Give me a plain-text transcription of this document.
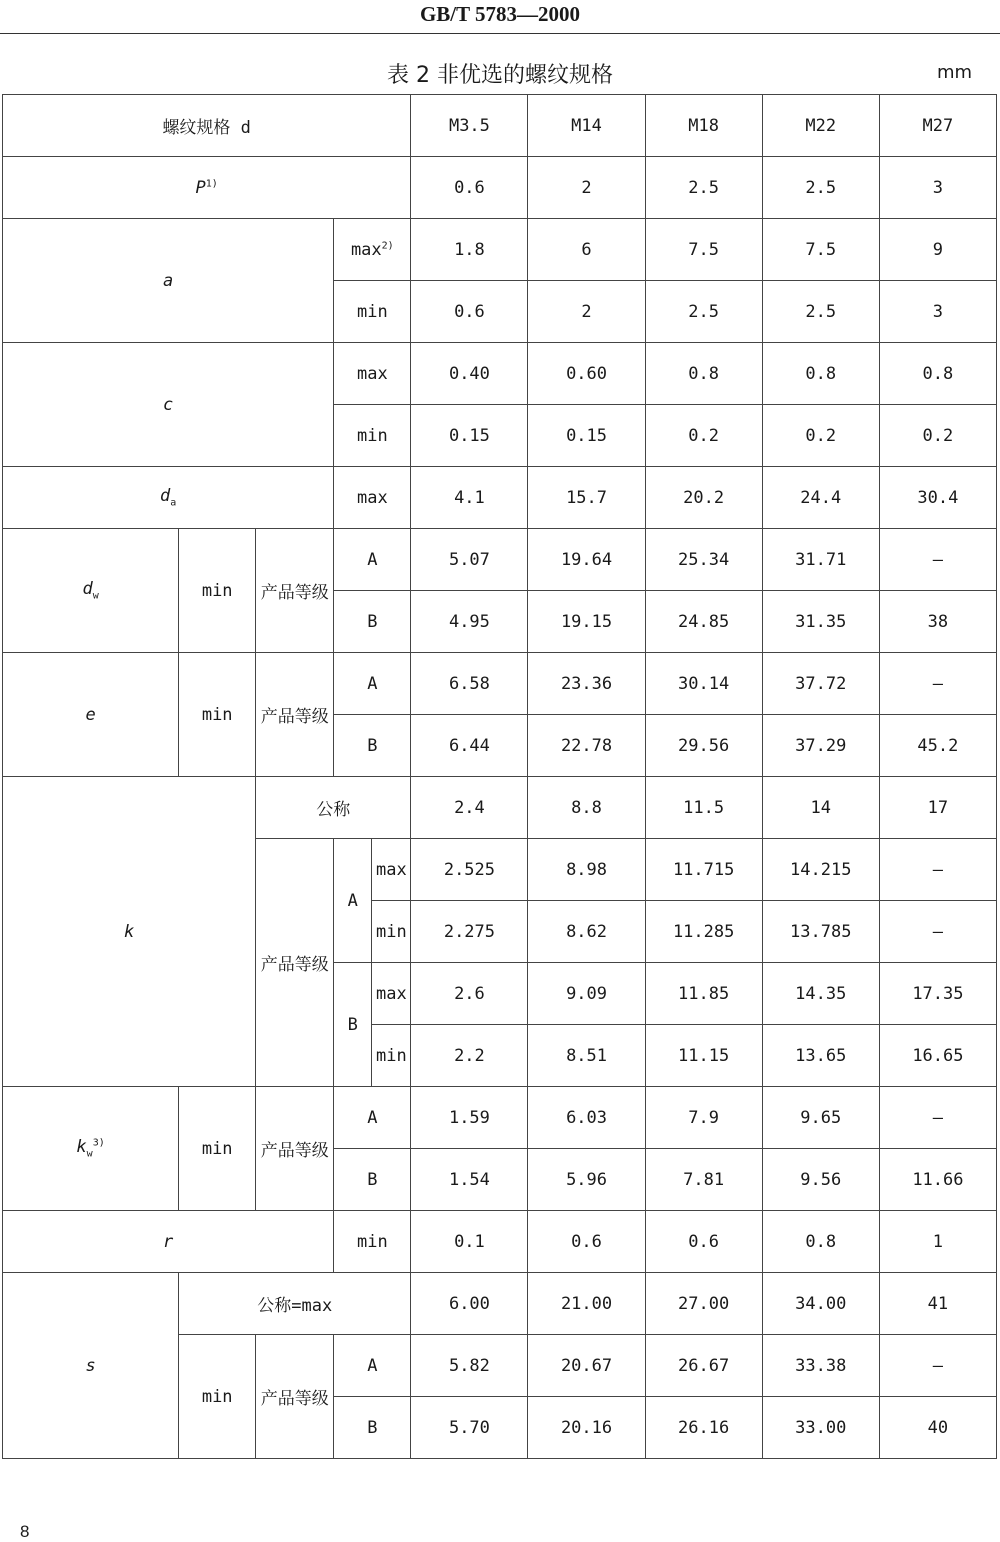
GB/T 5783—2000
表 2 非优选的螺纹规格	mm
螺纹规格 d					M3.5	M14	M18	M22	M27
$P^{1)}$					0.6	2	2.5	2.5	3
a			$\max^{2)}$		1.8	6	7.5	7.5	9
			min		0.6	2	2.5	2.5	3
c			max		0.40	0.60	0.8	0.8	0.8
			min		0.15	0.15	0.2	0.2	0.2
$d_a$			max		4.1	15.7	20.2	24.4	30.4
$d_w$	min	产品等级	A		5.07	19.64	25.34	31.71	—
			B		4.95	19.15	24.85	31.35	38
e	min	产品等级	A		6.58	23.36	30.14	37.72	—
			B		6.44	22.78	29.56	37.29	45.2
k		公称			2.4	8.8	11.5	14	17
		产品等级	A	max	2.525	8.98	11.715	14.215	—
				min	2.275	8.62	11.285	13.785	—
			B	max	2.6	9.09	11.85	14.35	17.35
				min	2.2	8.51	11.15	13.65	16.65
$k_w^{3)}$	min	产品等级	A		1.59	6.03	7.9	9.65	—
			B		1.54	5.96	7.81	9.56	11.66
r			min		0.1	0.6	0.6	0.8	1
s	公称=max				6.00	21.00	27.00	34.00	41
	min	产品等级	A		5.82	20.67	26.67	33.38	—
			B		5.70	20.16	26.16	33.00	40
8
